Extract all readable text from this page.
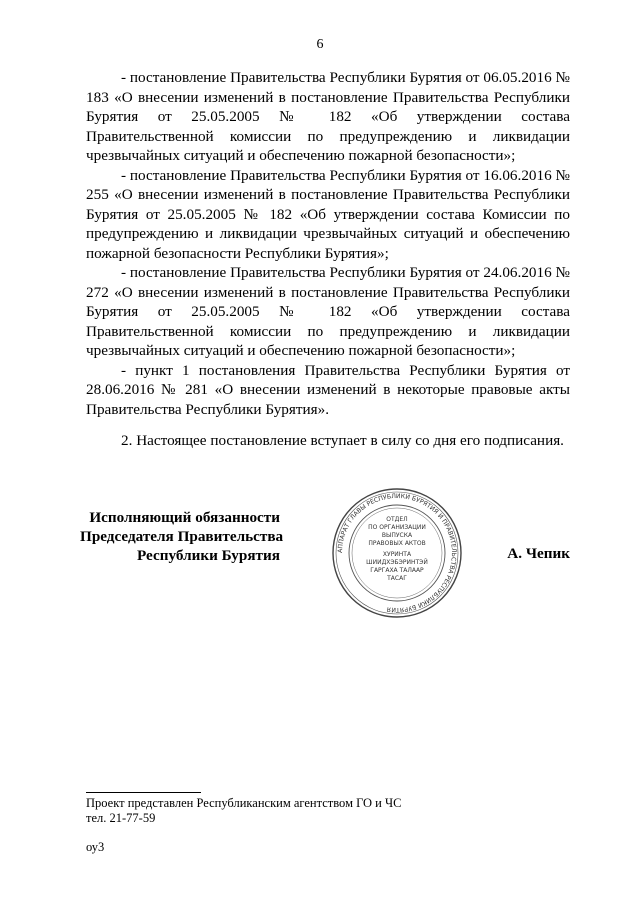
6

- постановление Правительства Республики Бурятия от 06.05.2016 № 183 «О внесении изменений в постановление Правительства Республики Бурятия от 25.05.2005 № 182 «Об утверждении состава Правительственной комиссии по предупреждению и ликвидации чрезвычайных ситуаций и обеспечению пожарной безопасности»;

- постановление Правительства Республики Бурятия от 16.06.2016 № 255 «О внесении изменений в постановление Правительства Республики Бурятия от 25.05.2005 № 182 «Об утверждении состава Комиссии по предупреждению и ликвидации чрезвычайных ситуаций и обеспечению пожарной безопасности Республики Бурятия»;

- постановление Правительства Республики Бурятия от 24.06.2016 № 272 «О внесении изменений в постановление Правительства Республики Бурятия от 25.05.2005 № 182 «Об утверждении состава Правительственной комиссии по предупреждению и ликвидации чрезвычайных ситуаций и обеспечению пожарной безопасности»;

- пункт 1 постановления Правительства Республики Бурятия от 28.06.2016 № 281 «О внесении изменений в некоторые правовые акты Правительства Республики Бурятия».

2. Настоящее постановление вступает в силу со дня его подписания.

Исполняющий обязанности
Председателя Правительства
Республики Бурятия	АППАРАТ ГЛАВЫ РЕСПУБЛИКИ БУРЯТИЯ И ПРАВИТЕЛЬСТВА РЕСПУБЛИКИ БУРЯТИЯ
ОТДЕЛ
ПО ОРГАНИЗАЦИИ
ВЫПУСКА
ПРАВОВЫХ АКТОВ
ХУРИНТА
ШИИДХЭБЭРИНТЭЙ
ГАРГАХА ТАЛААР
ТАСАГ
А. Чепик
Проект представлен Республиканским агентством ГО и ЧС
тел. 21-77-59
оу3
